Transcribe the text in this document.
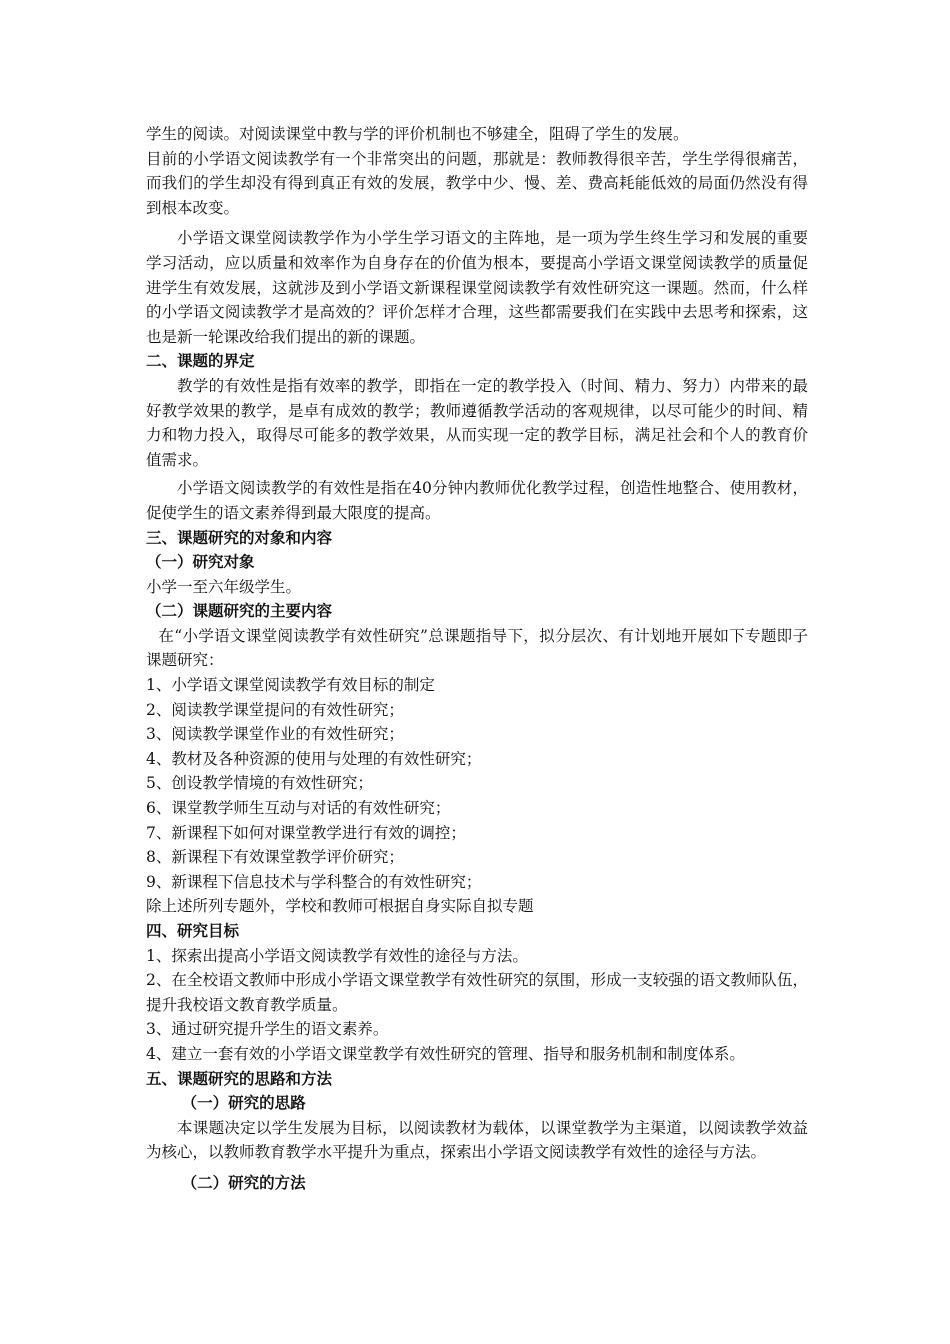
学生的阅读。对阅读课堂中教与学的评价机制也不够建全，阻碍了学生的发展。

目前的小学语文阅读教学有一个非常突出的问题，那就是：教师教得很辛苦，学生学得很痛苦，而我们的学生却没有得到真正有效的发展，教学中少、慢、差、费高耗能低效的局面仍然没有得到根本改变。

小学语文课堂阅读教学作为小学生学习语文的主阵地，是一项为学生终生学习和发展的重要学习活动，应以质量和效率作为自身存在的价值为根本，要提高小学语文课堂阅读教学的质量促进学生有效发展，这就涉及到小学语文新课程课堂阅读教学有效性研究这一课题。然而，什么样的小学语文阅读教学才是高效的？评价怎样才合理，这些都需要我们在实践中去思考和探索，这也是新一轮课改给我们提出的新的课题。

二、课题的界定

教学的有效性是指有效率的教学，即指在一定的教学投入（时间、精力、努力）内带来的最好教学效果的教学，是卓有成效的教学；教师遵循教学活动的客观规律，以尽可能少的时间、精力和物力投入，取得尽可能多的教学效果，从而实现一定的教学目标，满足社会和个人的教育价值需求。

小学语文阅读教学的有效性是指在40分钟内教师优化教学过程，创造性地整合、使用教材，促使学生的语文素养得到最大限度的提高。

三、课题研究的对象和内容

（一）研究对象

小学一至六年级学生。

（二）课题研究的主要内容

在“小学语文课堂阅读教学有效性研究”总课题指导下，拟分层次、有计划地开展如下专题即子课题研究：

1、小学语文课堂阅读教学有效目标的制定

2、阅读教学课堂提问的有效性研究；

3、阅读教学课堂作业的有效性研究；

4、教材及各种资源的使用与处理的有效性研究；

5、创设教学情境的有效性研究；

6、课堂教学师生互动与对话的有效性研究；

7、新课程下如何对课堂教学进行有效的调控；

8、新课程下有效课堂教学评价研究；

9、新课程下信息技术与学科整合的有效性研究；

除上述所列专题外，学校和教师可根据自身实际自拟专题

四、研究目标

1、探索出提高小学语文阅读教学有效性的途径与方法。

2、在全校语文教师中形成小学语文课堂教学有效性研究的氛围，形成一支较强的语文教师队伍，提升我校语文教育教学质量。

3、通过研究提升学生的语文素养。

4、建立一套有效的小学语文课堂教学有效性研究的管理、指导和服务机制和制度体系。

五、课题研究的思路和方法

（一）研究的思路

本课题决定以学生发展为目标，以阅读教材为载体，以课堂教学为主渠道，以阅读教学效益为核心，以教师教育教学水平提升为重点，探索出小学语文阅读教学有效性的途径与方法。

（二）研究的方法
